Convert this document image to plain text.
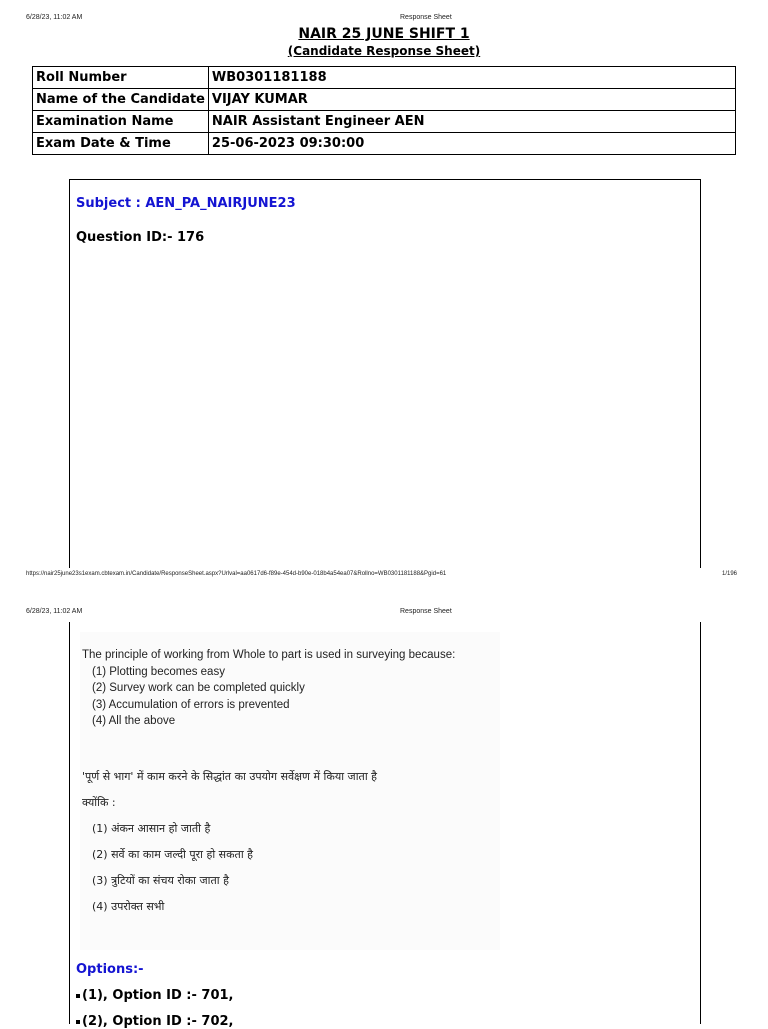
6/28/23, 11:02 AM	Response Sheet
NAIR 25 JUNE SHIFT 1
(Candidate Response Sheet)
Roll Number	WB0301181188
Name of the Candidate	VIJAY KUMAR
Examination Name	NAIR Assistant Engineer AEN
Exam Date & Time	25-06-2023 09:30:00
Subject : AEN_PA_NAIRJUNE23
Question ID:- 176
https://nair25june23s1exam.cbtexam.in/Candidate/ResponseSheet.aspx?Urlval=aa0617d6-f89e-454d-b90e-018b4a54ea07&Rollno=WB0301181188&Pgid=61	1/196
6/28/23, 11:02 AM	Response Sheet
The principle of working from Whole to part is used in surveying because:
(1) Plotting becomes easy
(2) Survey work can be completed quickly
(3) Accumulation of errors is prevented
(4) All the above
'पूर्ण से भाग' में काम करने के सिद्धांत का उपयोग सर्वेक्षण में किया जाता है
क्योंकि :
(1) अंकन आसान हो जाती है
(2) सर्वे का काम जल्दी पूरा हो सकता है
(3) त्रुटियों का संचय रोका जाता है
(4) उपरोक्त सभी
Options:-
(1), Option ID :- 701,
(2), Option ID :- 702,
